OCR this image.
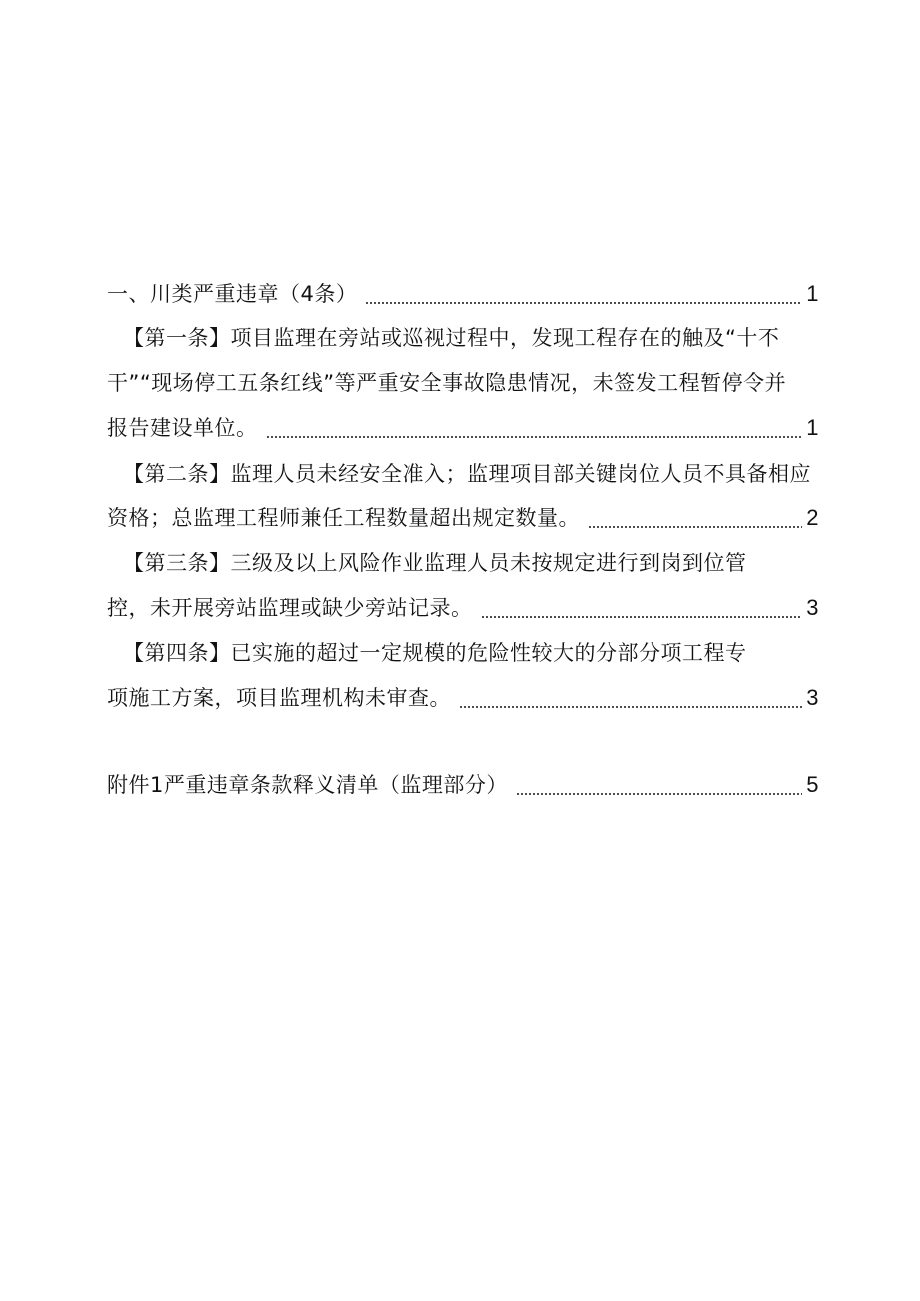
一、川类严重违章（4条）	1
【第一条】项目监理在旁站或巡视过程中，发现工程存在的触及“十不
干”“现场停工五条红线”等严重安全事故隐患情况，未签发工程暂停令并
报告建设单位。	1
【第二条】监理人员未经安全准入；监理项目部关键岗位人员不具备相应
资格；总监理工程师兼任工程数量超出规定数量。	2
【第三条】三级及以上风险作业监理人员未按规定进行到岗到位管
控，未开展旁站监理或缺少旁站记录。	3
【第四条】已实施的超过一定规模的危险性较大的分部分项工程专
项施工方案，项目监理机构未审查。	3
附件1严重违章条款释义清单（监理部分）	5
